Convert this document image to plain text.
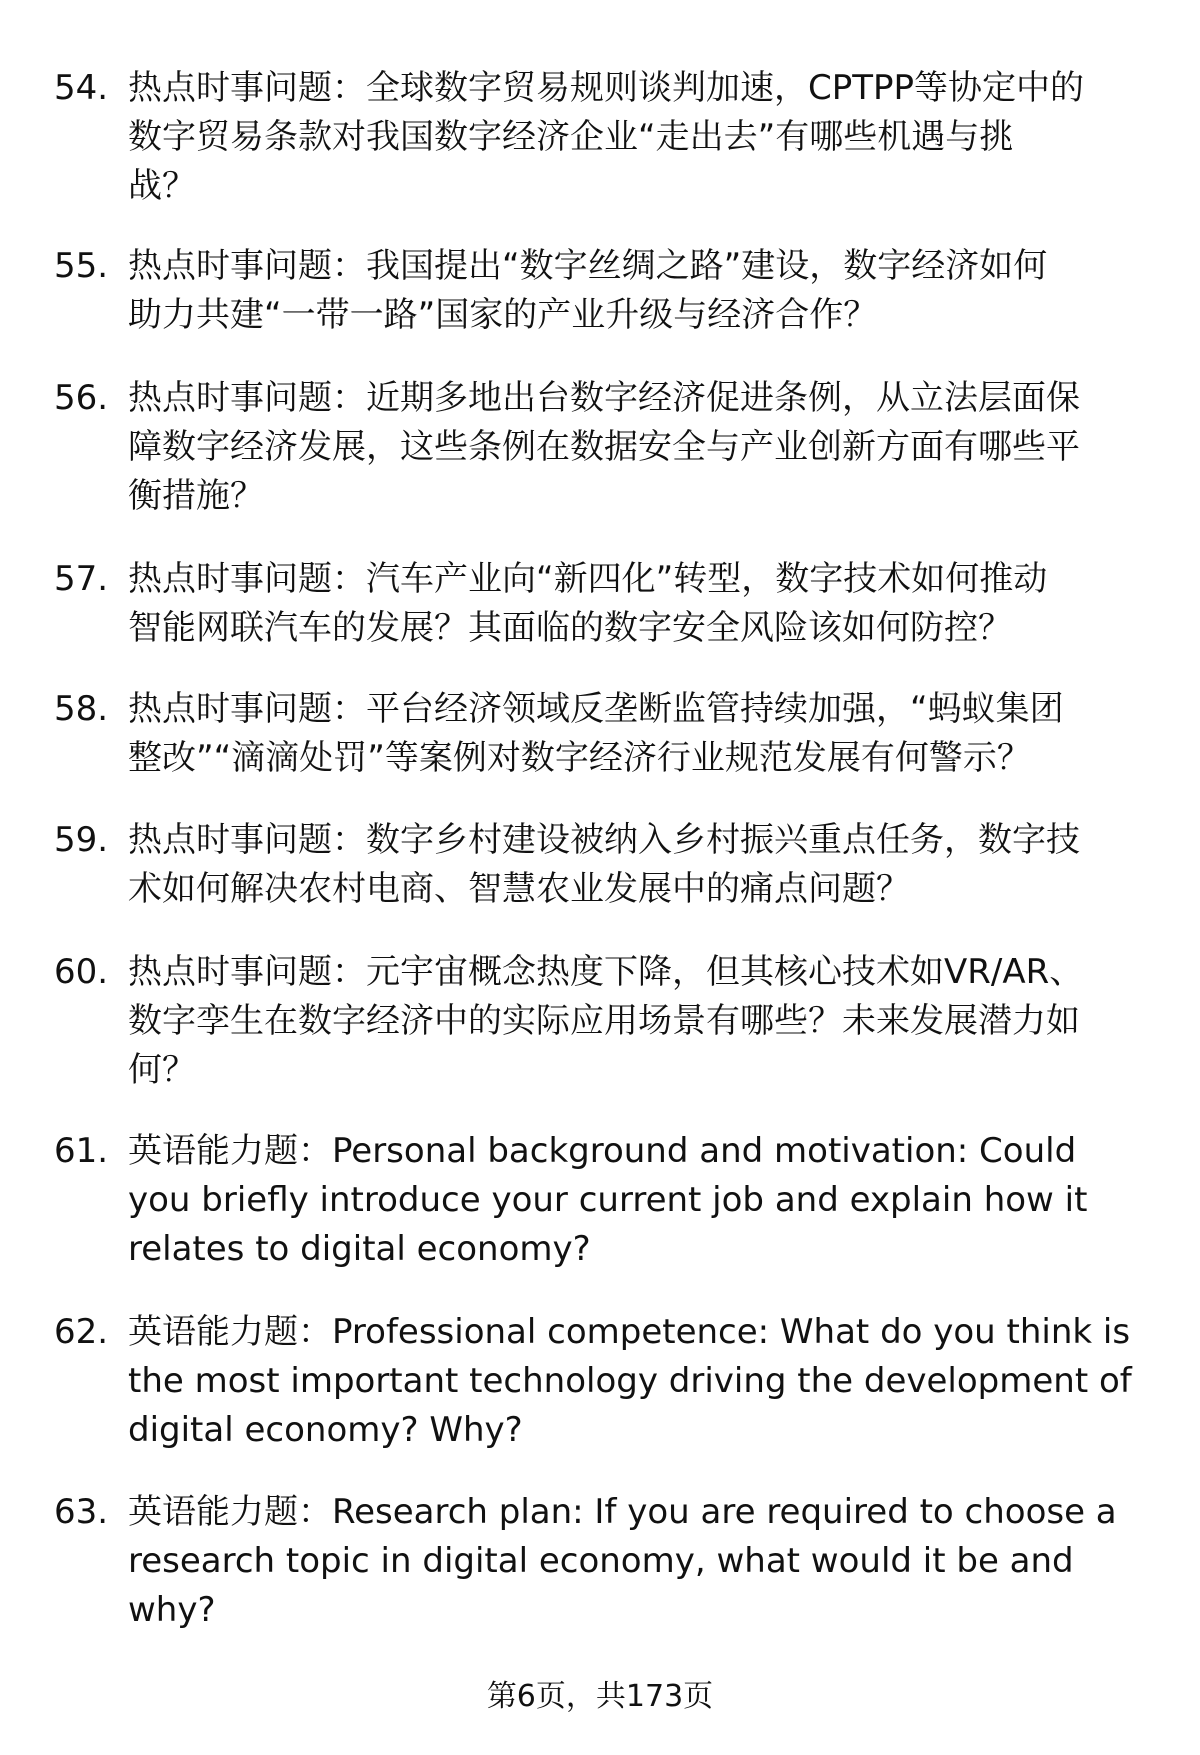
54. 热点时事问题：全球数字贸易规则谈判加速，CPTPP等协定中的
数字贸易条款对我国数字经济企业“走出去”有哪些机遇与挑
战？
55. 热点时事问题：我国提出“数字丝绸之路”建设，数字经济如何
助力共建“一带一路”国家的产业升级与经济合作？
56. 热点时事问题：近期多地出台数字经济促进条例，从立法层面保
障数字经济发展，这些条例在数据安全与产业创新方面有哪些平
衡措施？
57. 热点时事问题：汽车产业向“新四化”转型，数字技术如何推动
智能网联汽车的发展？其面临的数字安全风险该如何防控？
58. 热点时事问题：平台经济领域反垄断监管持续加强，“蚂蚁集团
整改”“滴滴处罚”等案例对数字经济行业规范发展有何警示？
59. 热点时事问题：数字乡村建设被纳入乡村振兴重点任务，数字技
术如何解决农村电商、智慧农业发展中的痛点问题？
60. 热点时事问题：元宇宙概念热度下降，但其核心技术如VR/AR、
数字孪生在数字经济中的实际应用场景有哪些？未来发展潜力如
何？
61. 英语能力题：Personal background and motivation: Could
you briefly introduce your current job and explain how it
relates to digital economy?
62. 英语能力题：Professional competence: What do you think is
the most important technology driving the development of
digital economy? Why?
63. 英语能力题：Research plan: If you are required to choose a
research topic in digital economy, what would it be and
why?
第6页，共173页
